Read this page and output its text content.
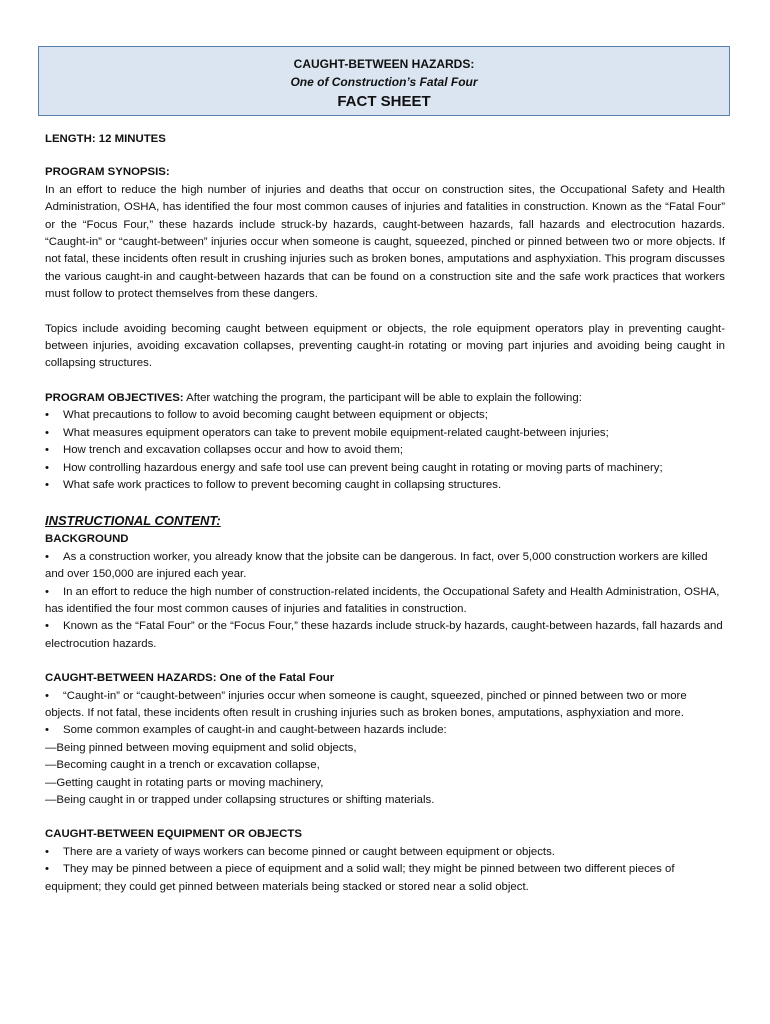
CAUGHT-BETWEEN HAZARDS:
One of Construction’s Fatal Four
FACT SHEET

LENGTH: 12 MINUTES

PROGRAM SYNOPSIS:

In an effort to reduce the high number of injuries and deaths that occur on construction sites, the Occupational Safety and Health Administration, OSHA, has identified the four most common causes of injuries and fatalities in construction. Known as the “Fatal Four” or the “Focus Four,” these hazards include struck-by hazards, caught-between hazards, fall hazards and electrocution hazards. “Caught-in” or “caught-between” injuries occur when someone is caught, squeezed, pinched or pinned between two or more objects. If not fatal, these incidents often result in crushing injuries such as broken bones, amputations and asphyxiation. This program discusses the various caught-in and caught-between hazards that can be found on a construction site and the safe work practices that workers must follow to protect themselves from these dangers.

Topics include avoiding becoming caught between equipment or objects, the role equipment operators play in preventing caught-between injuries, avoiding excavation collapses, preventing caught-in rotating or moving part injuries and avoiding being caught in collapsing structures.

PROGRAM OBJECTIVES: After watching the program, the participant will be able to explain the following:

• What precautions to follow to avoid becoming caught between equipment or objects;

• What measures equipment operators can take to prevent mobile equipment-related caught-between injuries;

• How trench and excavation collapses occur and how to avoid them;

• How controlling hazardous energy and safe tool use can prevent being caught in rotating or moving parts of machinery;

• What safe work practices to follow to prevent becoming caught in collapsing structures.

INSTRUCTIONAL CONTENT:

BACKGROUND

• As a construction worker, you already know that the jobsite can be dangerous. In fact, over 5,000 construction workers are killed and over 150,000 are injured each year.

• In an effort to reduce the high number of construction-related incidents, the Occupational Safety and Health Administration, OSHA, has identified the four most common causes of injuries and fatalities in construction.

• Known as the “Fatal Four” or the “Focus Four,” these hazards include struck-by hazards, caught-between hazards, fall hazards and electrocution hazards.

CAUGHT-BETWEEN HAZARDS: One of the Fatal Four

• “Caught-in” or “caught-between” injuries occur when someone is caught, squeezed, pinched or pinned between two or more objects. If not fatal, these incidents often result in crushing injuries such as broken bones, amputations, asphyxiation and more.

• Some common examples of caught-in and caught-between hazards include:

—Being pinned between moving equipment and solid objects,

—Becoming caught in a trench or excavation collapse,

—Getting caught in rotating parts or moving machinery,

—Being caught in or trapped under collapsing structures or shifting materials.

CAUGHT-BETWEEN EQUIPMENT OR OBJECTS

• There are a variety of ways workers can become pinned or caught between equipment or objects.

• They may be pinned between a piece of equipment and a solid wall; they might be pinned between two different pieces of equipment; they could get pinned between materials being stacked or stored near a solid object.
